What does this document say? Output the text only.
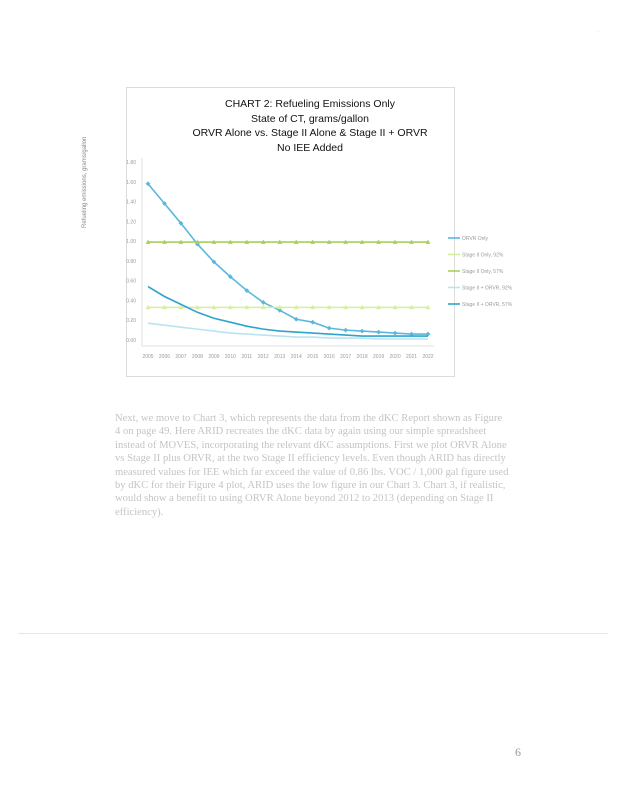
CHART 2: Refueling Emissions Only
State of CT, grams/gallon
ORVR Alone vs. Stage II Alone & Stage II + ORVR
No IEE Added
Refueling emissions, grams/gallon
0.00
0.20
0.40
0.60
0.80
1.00
1.20
1.40
1.60
1.80
2005 2006 2007 2008 2009 2010 2011 2012 2013 2014 2015 2016 2017 2018 2019 2020 2021 2022
ORVR Only
Stage II Only, 92%
Stage II Only, 57%
Stage II + ORVR, 92%
Stage II + ORVR, 57%
Next, we move to Chart 3, which represents the data from the dKC Report shown as Figure 4 on page 49. Here ARID recreates the dKC data by again using our simple spreadsheet instead of MOVES, incorporating the relevant dKC assumptions. First we plot ORVR Alone vs Stage II plus ORVR, at the two Stage II efficiency levels. Even though ARID has directly measured values for IEE which far exceed the value of 0.86 lbs. VOC / 1,000 gal figure used by dKC for their Figure 4 plot, ARID uses the low figure in our Chart 3. Chart 3, if realistic, would show a benefit to using ORVR Alone beyond 2012 to 2013 (depending on Stage II efficiency).
6
·
